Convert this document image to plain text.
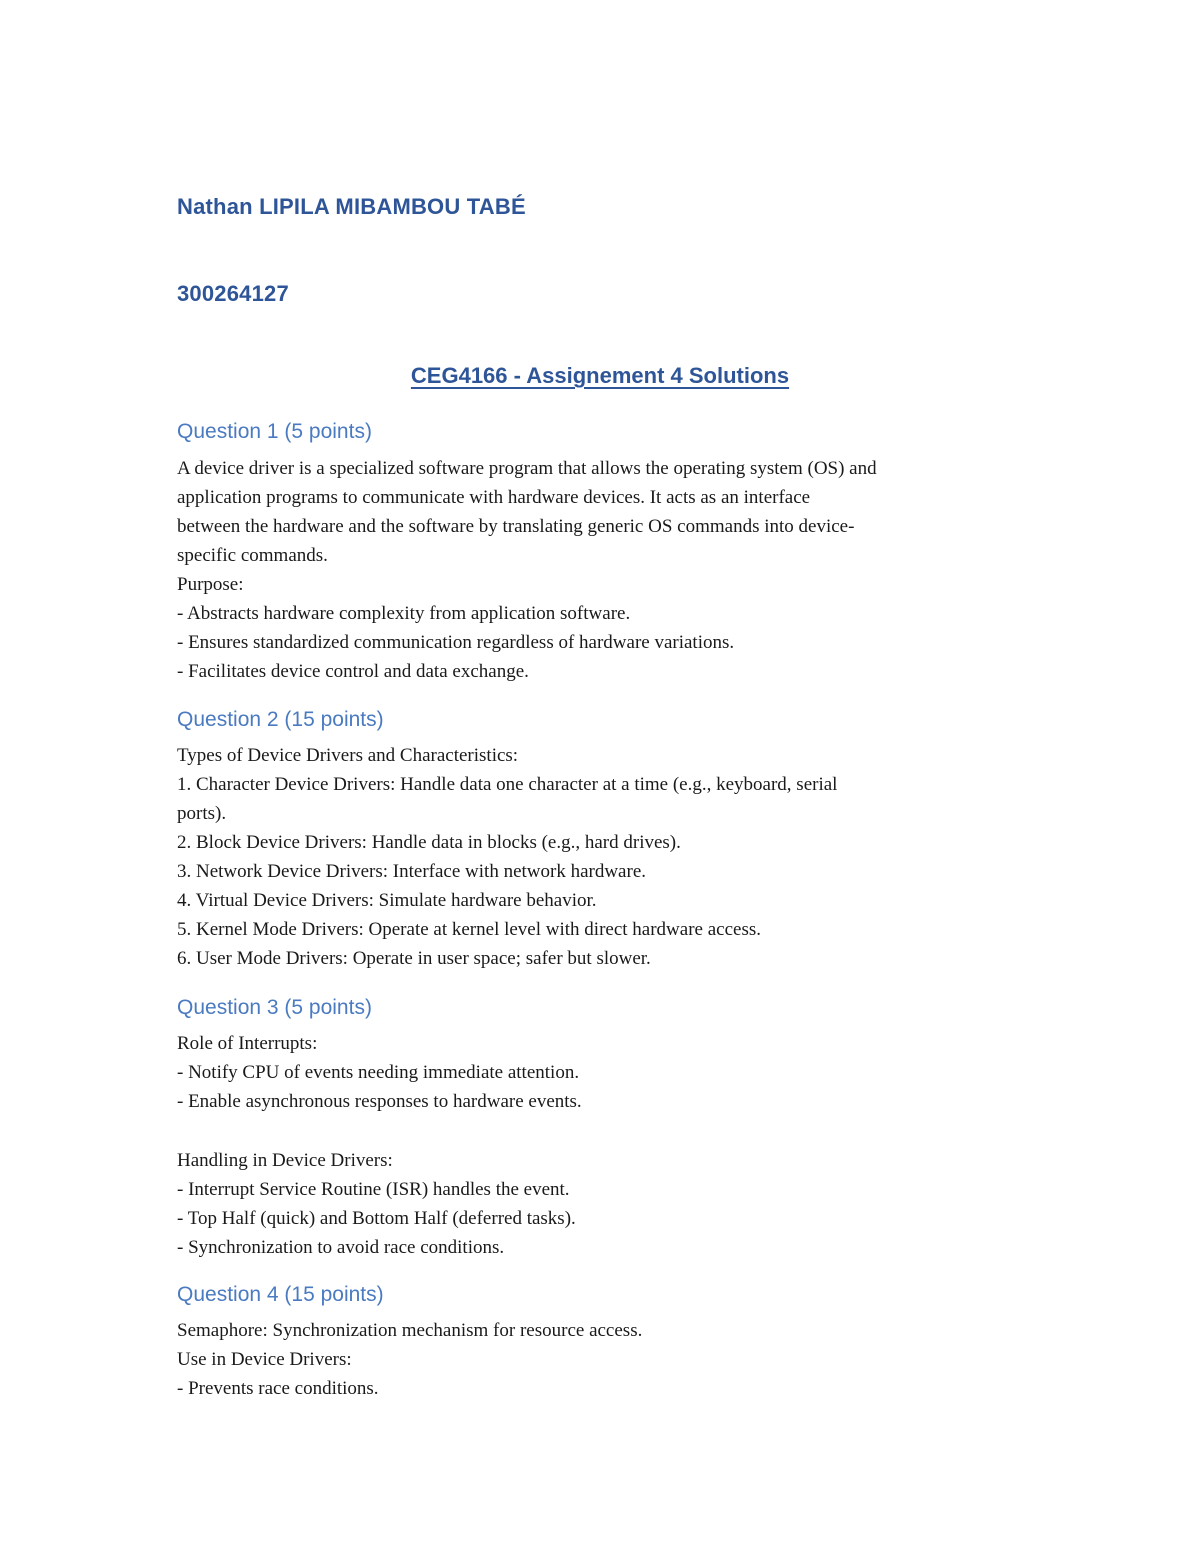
Nathan LIPILA MIBAMBOU TABÉ
300264127
CEG4166 - Assignement 4 Solutions
Question 1 (5 points)
A device driver is a specialized software program that allows the operating system (OS) and
application programs to communicate with hardware devices. It acts as an interface
between the hardware and the software by translating generic OS commands into device-
specific commands.
Purpose:
- Abstracts hardware complexity from application software.
- Ensures standardized communication regardless of hardware variations.
- Facilitates device control and data exchange.
Question 2 (15 points)
Types of Device Drivers and Characteristics:
1. Character Device Drivers: Handle data one character at a time (e.g., keyboard, serial
ports).
2. Block Device Drivers: Handle data in blocks (e.g., hard drives).
3. Network Device Drivers: Interface with network hardware.
4. Virtual Device Drivers: Simulate hardware behavior.
5. Kernel Mode Drivers: Operate at kernel level with direct hardware access.
6. User Mode Drivers: Operate in user space; safer but slower.
Question 3 (5 points)
Role of Interrupts:
- Notify CPU of events needing immediate attention.
- Enable asynchronous responses to hardware events.
Handling in Device Drivers:
- Interrupt Service Routine (ISR) handles the event.
- Top Half (quick) and Bottom Half (deferred tasks).
- Synchronization to avoid race conditions.
Question 4 (15 points)
Semaphore: Synchronization mechanism for resource access.
Use in Device Drivers:
- Prevents race conditions.
